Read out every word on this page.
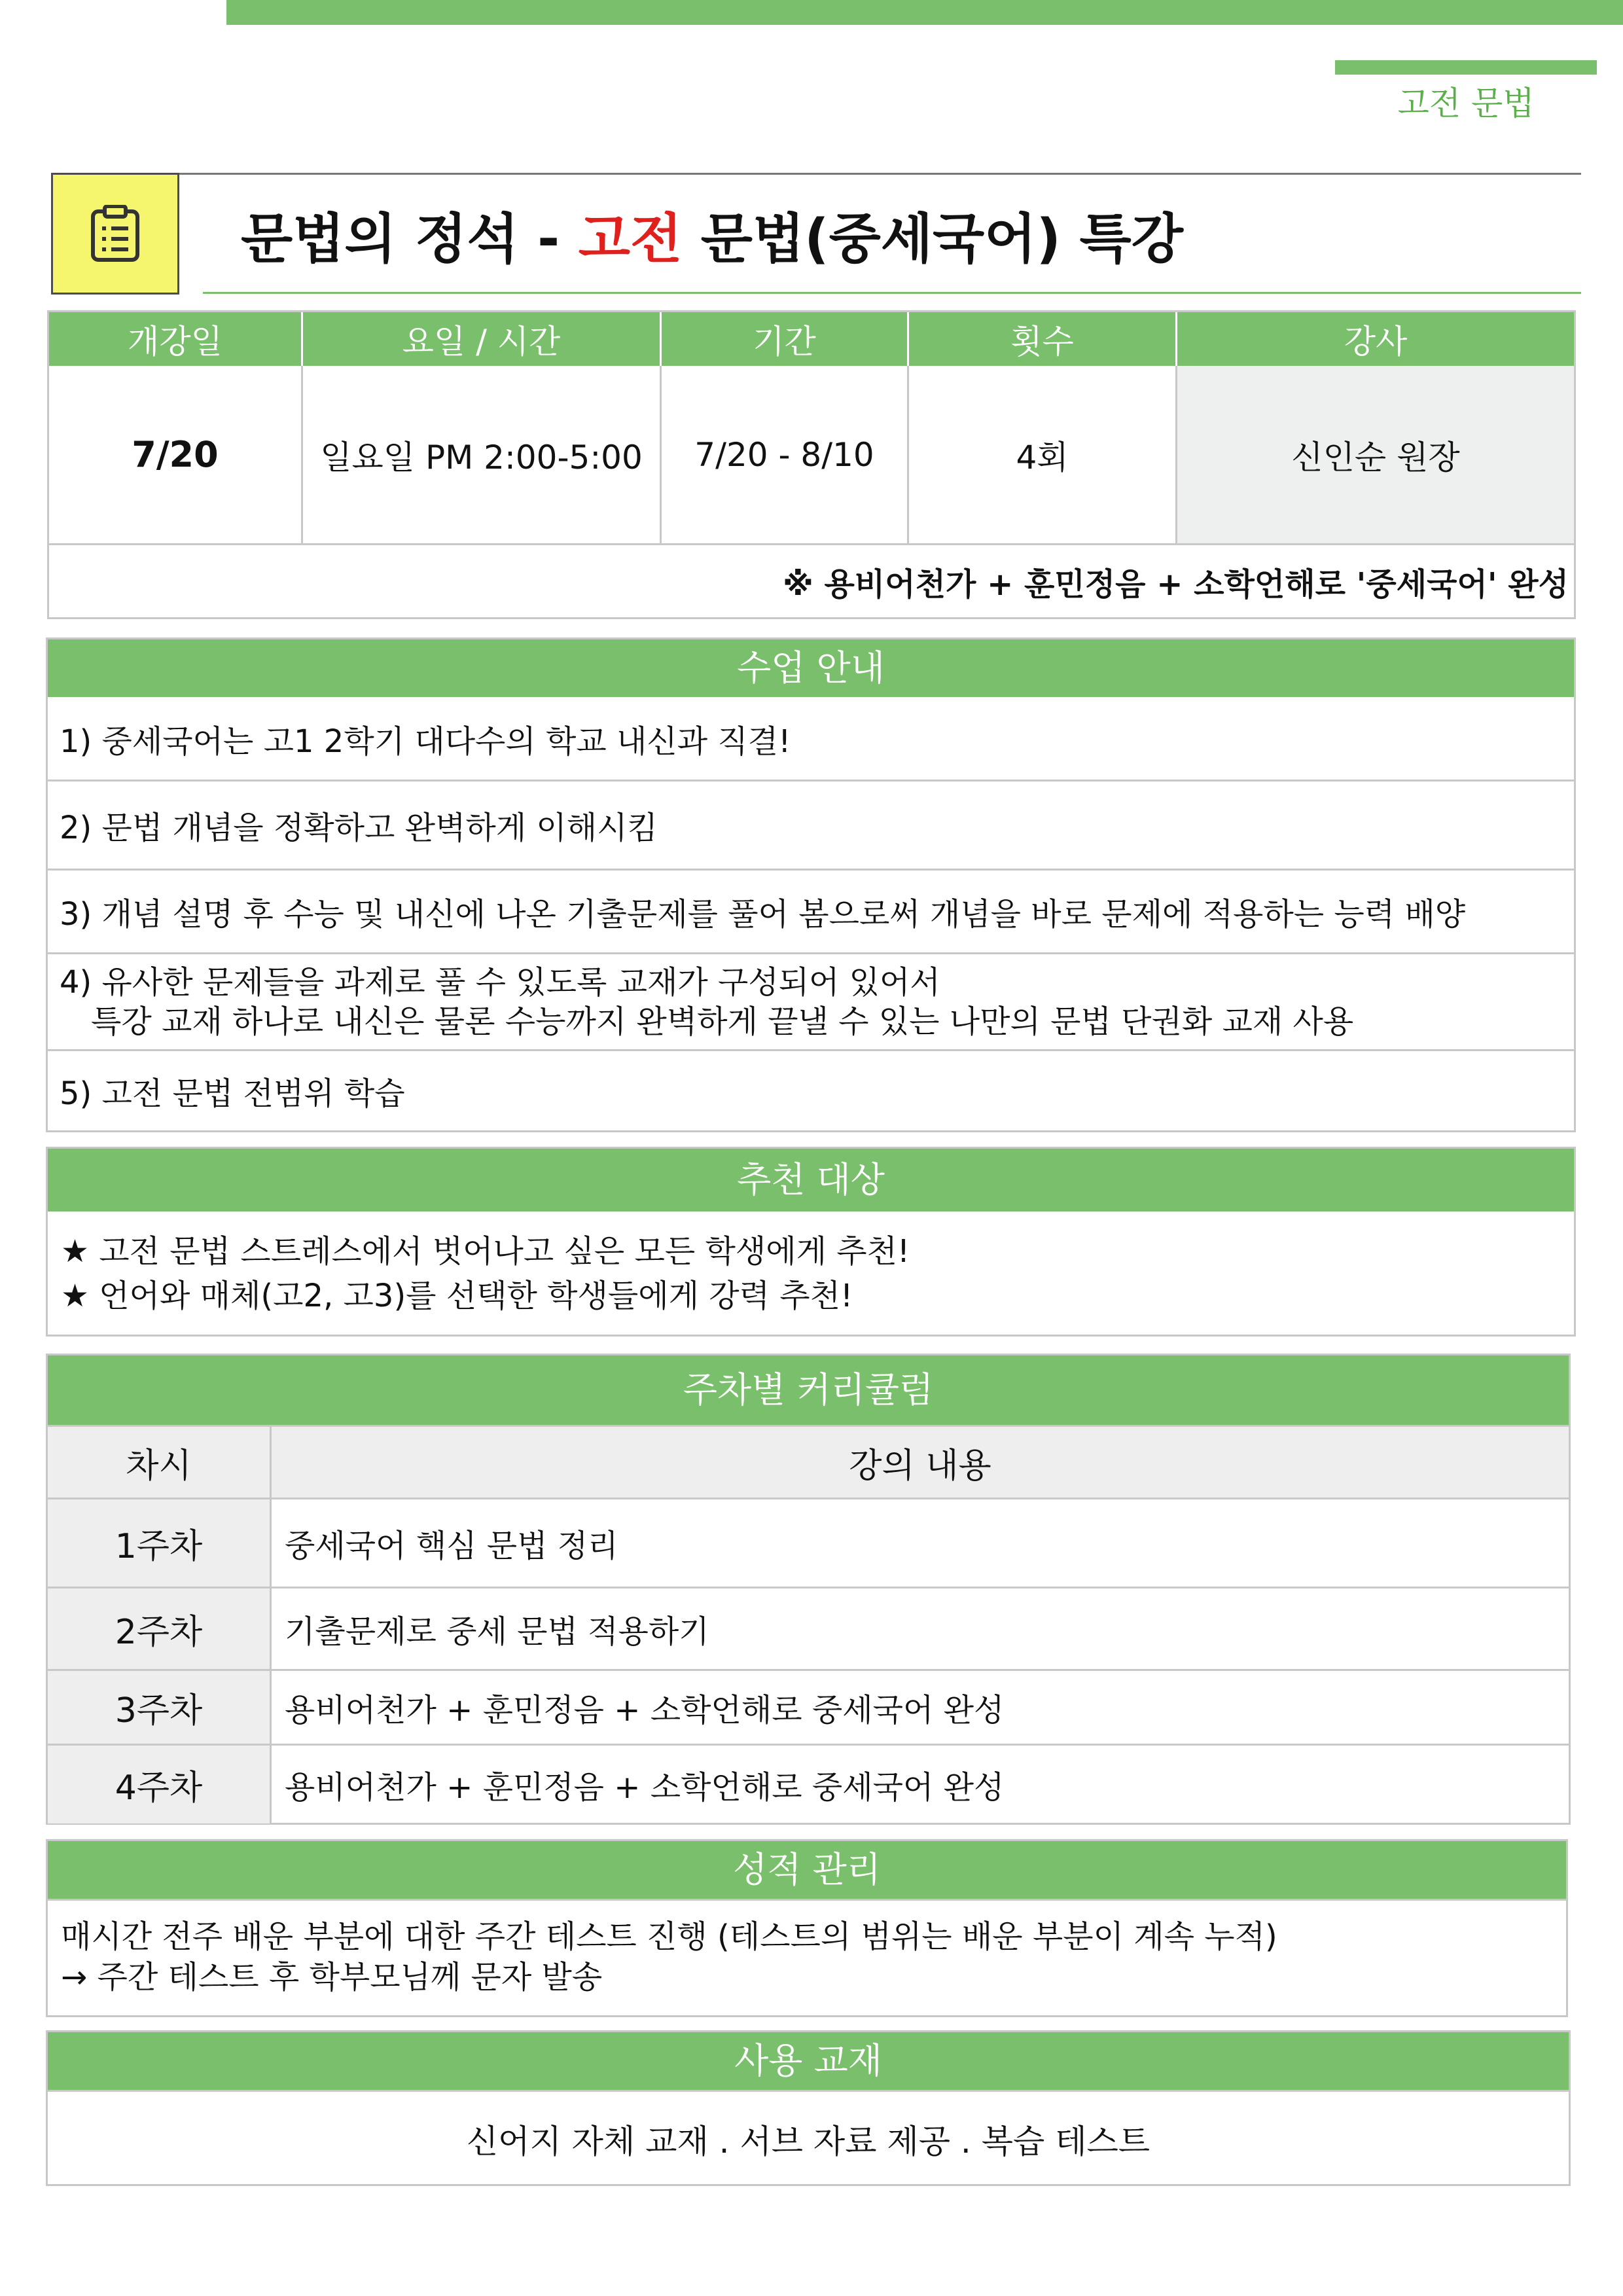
고전 문법
문법의 정석 - 고전 문법(중세국어) 특강
개강일	요일 / 시간	기간	횟수	강사
7/20	일요일 PM 2:00-5:00	7/20 - 8/10	4회	신인순 원장
※ 용비어천가 + 훈민정음 + 소학언해로 '중세국어' 완성
수업 안내
1) 중세국어는 고1 2학기 대다수의 학교 내신과 직결!
2) 문법 개념을 정확하고 완벽하게 이해시킴
3) 개념 설명 후 수능 및 내신에 나온 기출문제를 풀어 봄으로써 개념을 바로 문제에 적용하는 능력 배양
4) 유사한 문제들을 과제로 풀 수 있도록 교재가 구성되어 있어서
특강 교재 하나로 내신은 물론 수능까지 완벽하게 끝낼 수 있는 나만의 문법 단권화 교재 사용
5) 고전 문법 전범위 학습
추천 대상
★ 고전 문법 스트레스에서 벗어나고 싶은 모든 학생에게 추천!
★ 언어와 매체(고2, 고3)를 선택한 학생들에게 강력 추천!
주차별 커리큘럼
차시	강의 내용
1주차	중세국어 핵심 문법 정리
2주차	기출문제로 중세 문법 적용하기
3주차	용비어천가 + 훈민정음 + 소학언해로 중세국어 완성
4주차	용비어천가 + 훈민정음 + 소학언해로 중세국어 완성
성적 관리
매시간 전주 배운 부분에 대한 주간 테스트 진행 (테스트의 범위는 배운 부분이 계속 누적)
→ 주간 테스트 후 학부모님께 문자 발송
사용 교재
신어지 자체 교재 . 서브 자료 제공 . 복습 테스트
